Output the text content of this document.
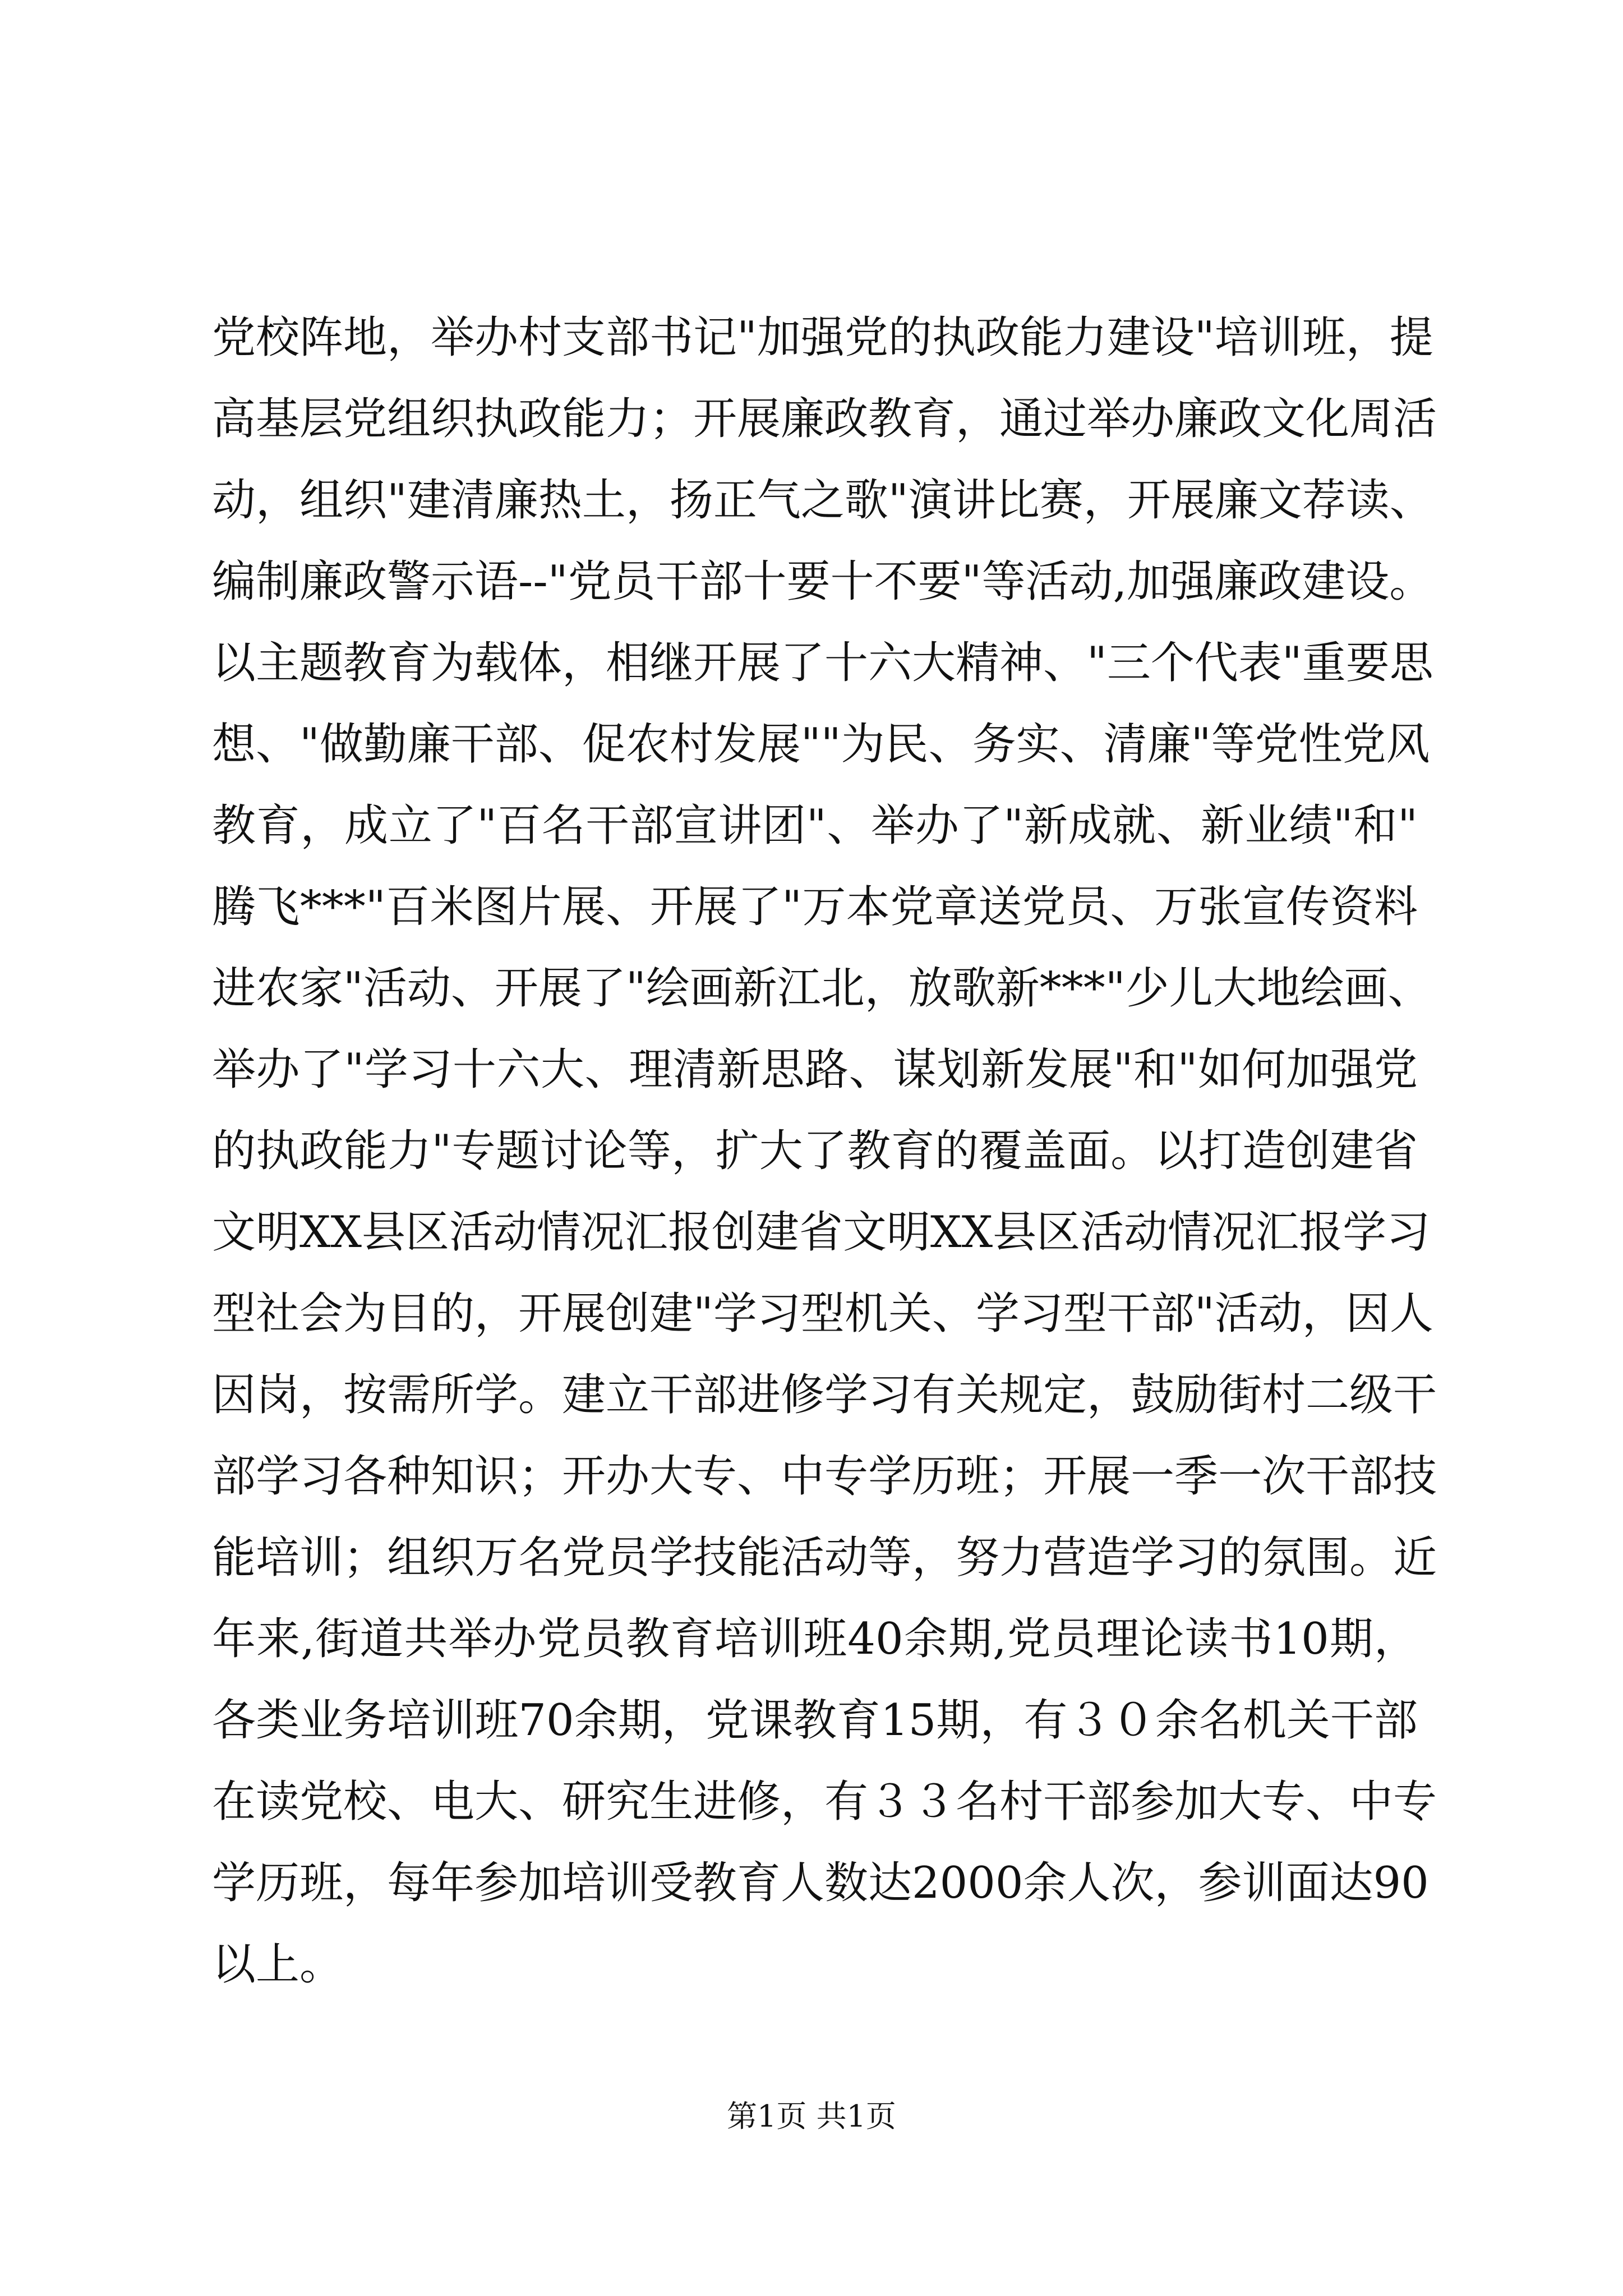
党校阵地，举办村支部书记"加强党的执政能力建设"培训班，提
高基层党组织执政能力；开展廉政教育，通过举办廉政文化周活
动，组织"建清廉热土，扬正气之歌"演讲比赛，开展廉文荐读、
编制廉政警示语--"党员干部十要十不要"等活动,加强廉政建设。
以主题教育为载体，相继开展了十六大精神、"三个代表"重要思
想、"做勤廉干部、促农村发展""为民、务实、清廉"等党性党风
教育，成立了"百名干部宣讲团"、举办了"新成就、新业绩"和"
腾飞***"百米图片展、开展了"万本党章送党员、万张宣传资料
进农家"活动、开展了"绘画新江北，放歌新***"少儿大地绘画、
举办了"学习十六大、理清新思路、谋划新发展"和"如何加强党
的执政能力"专题讨论等，扩大了教育的覆盖面。以打造创建省
文明XX县区活动情况汇报创建省文明XX县区活动情况汇报学习
型社会为目的，开展创建"学习型机关、学习型干部"活动，因人
因岗，按需所学。建立干部进修学习有关规定，鼓励街村二级干
部学习各种知识；开办大专、中专学历班；开展一季一次干部技
能培训；组织万名党员学技能活动等，努力营造学习的氛围。近
年来,街道共举办党员教育培训班40余期,党员理论读书10期，
各类业务培训班70余期，党课教育15期，有３０余名机关干部
在读党校、电大、研究生进修，有３３名村干部参加大专、中专
学历班，每年参加培训受教育人数达2000余人次，参训面达90
以上。
第1页 共1页
